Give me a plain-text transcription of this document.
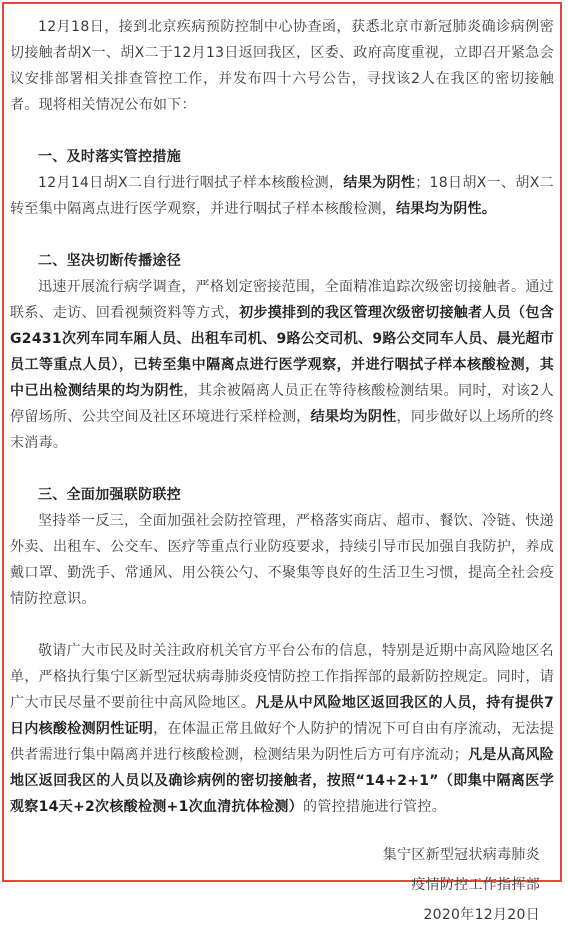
12月18日，接到北京疾病预防控制中心协查函，获悉北京市新冠肺炎确诊病例密切接触者胡X一、胡X二于12月13日返回我区，区委、政府高度重视，立即召开紧急会议安排部署相关排查管控工作，并发布四十六号公告，寻找该2人在我区的密切接触者。现将相关情况公布如下：

一、及时落实管控措施

12月14日胡X二自行进行咽拭子样本核酸检测，结果为阴性；18日胡X一、胡X二转至集中隔离点进行医学观察，并进行咽拭子样本核酸检测，结果均为阴性。

二、坚决切断传播途径

迅速开展流行病学调查，严格划定密接范围，全面精准追踪次级密切接触者。通过联系、走访、回看视频资料等方式，初步摸排到的我区管理次级密切接触者人员（包含G2431次列车同车厢人员、出租车司机、9路公交司机、9路公交同车人员、晨光超市员工等重点人员），已转至集中隔离点进行医学观察，并进行咽拭子样本核酸检测，其中已出检测结果的均为阴性，其余被隔离人员正在等待核酸检测结果。同时，对该2人停留场所、公共空间及社区环境进行采样检测，结果均为阴性，同步做好以上场所的终末消毒。

三、全面加强联防联控

坚持举一反三，全面加强社会防控管理，严格落实商店、超市、餐饮、冷链、快递外卖、出租车、公交车、医疗等重点行业防疫要求，持续引导市民加强自我防护，养成戴口罩、勤洗手、常通风、用公筷公勺、不聚集等良好的生活卫生习惯，提高全社会疫情防控意识。

敬请广大市民及时关注政府机关官方平台公布的信息，特别是近期中高风险地区名单，严格执行集宁区新型冠状病毒肺炎疫情防控工作指挥部的最新防控规定。同时，请广大市民尽量不要前往中高风险地区。凡是从中风险地区返回我区的人员，持有提供7日内核酸检测阴性证明，在体温正常且做好个人防护的情况下可自由有序流动，无法提供者需进行集中隔离并进行核酸检测，检测结果为阴性后方可有序流动；凡是从高风险地区返回我区的人员以及确诊病例的密切接触者，按照“14+2+1”（即集中隔离医学观察14天+2次核酸检测+1次血清抗体检测）的管控措施进行管控。

集宁区新型冠状病毒肺炎

疫情防控工作指挥部

2020年12月20日
